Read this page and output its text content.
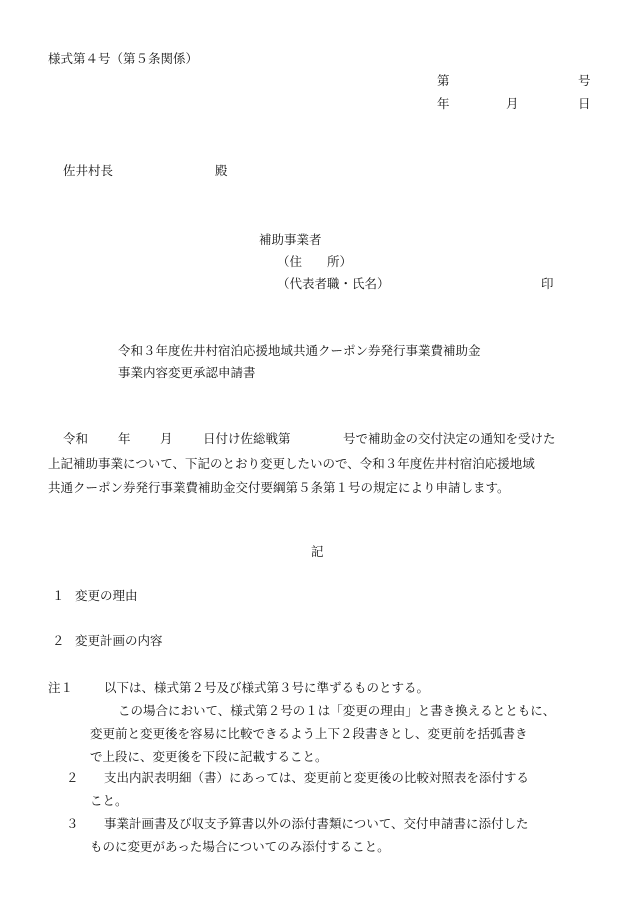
様式第４号（第５条関係）
第	号
年	月	日
佐井村長	殿
補助事業者
（住　　所）
（代表者職・氏名）	印
令和３年度佐井村宿泊応援地域共通クーポン券発行事業費補助金
事業内容変更承認申請書
令和 年 月 日付け佐総戦第	号で補助金の交付決定の通知を受けた
上記補助事業について、下記のとおり変更したいので、令和３年度佐井村宿泊応援地域
共通クーポン券発行事業費補助金交付要綱第５条第１号の規定により申請します。
記
１ 変更の理由
２ 変更計画の内容
注１ 以下は、様式第２号及び様式第３号に準ずるものとする。
この場合において、様式第２号の１は「変更の理由」と書き換えるとともに、
変更前と変更後を容易に比較できるよう上下２段書きとし、変更前を括弧書き
で上段に、変更後を下段に記載すること。
２ 支出内訳表明細（書）にあっては、変更前と変更後の比較対照表を添付する
こと。
３ 事業計画書及び収支予算書以外の添付書類について、交付申請書に添付した
ものに変更があった場合についてのみ添付すること。
